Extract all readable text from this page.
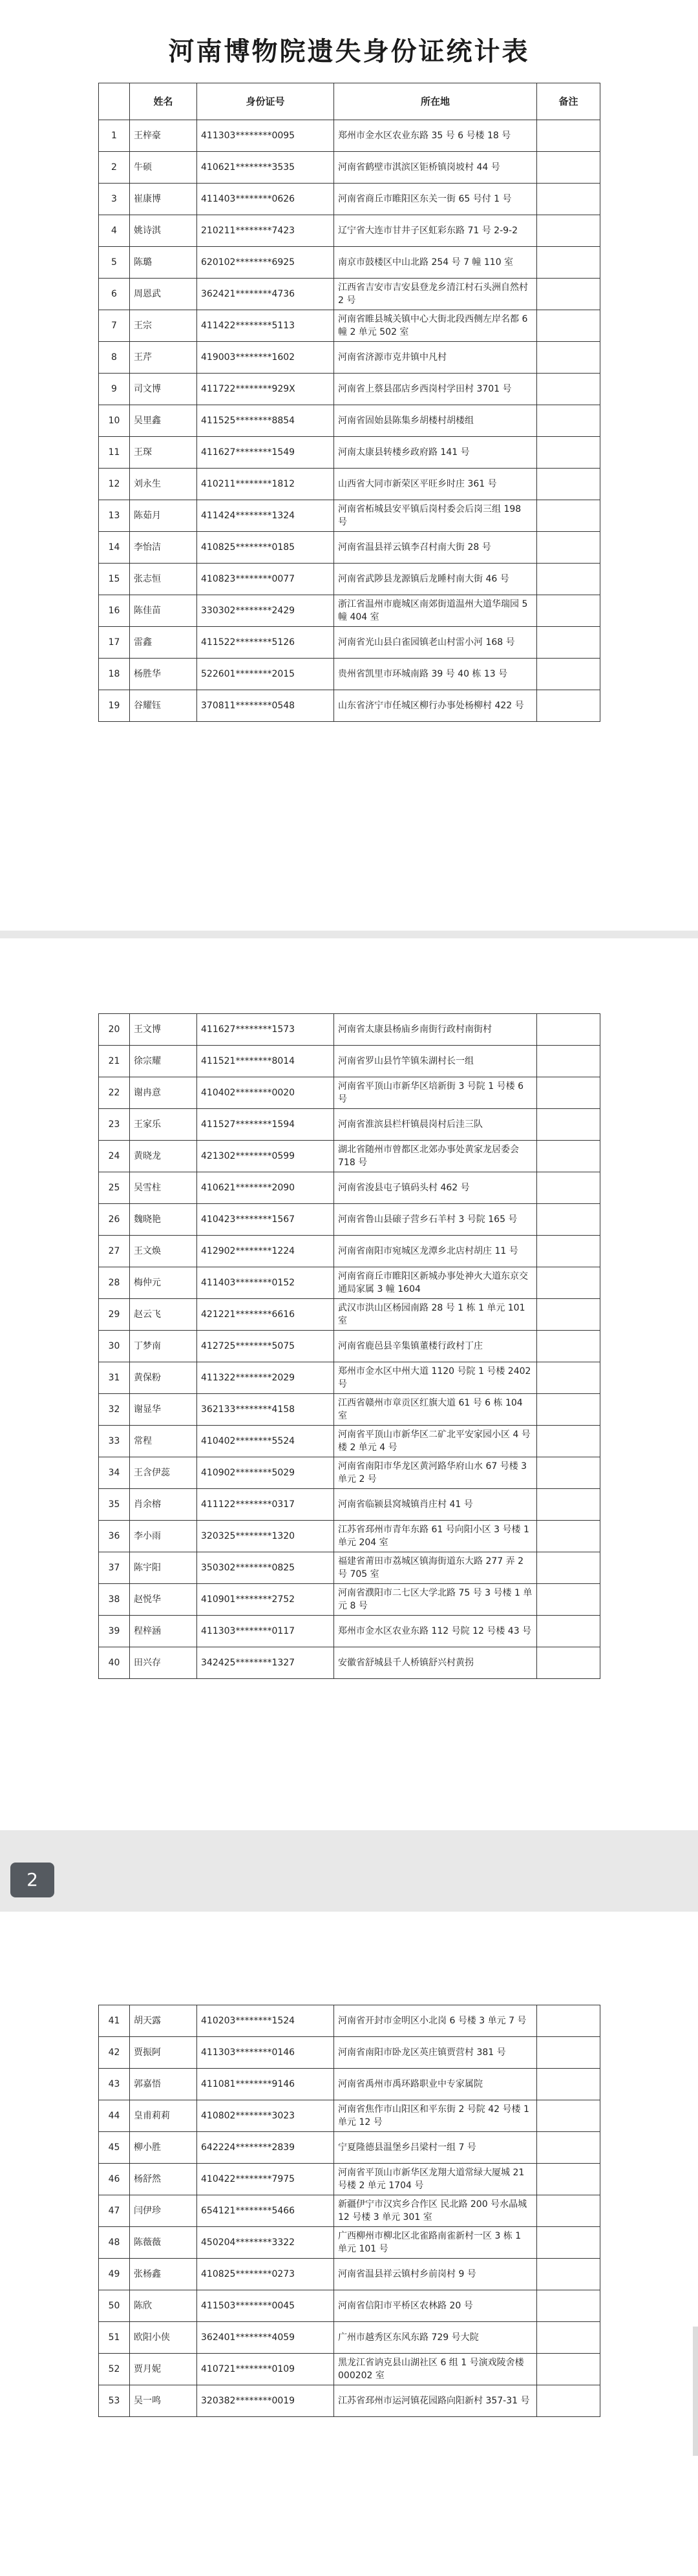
河南博物院遗失身份证统计表
	姓名	身份证号	所在地	备注
1	王梓豪	411303********0095	郑州市金水区农业东路 35 号 6 号楼 18 号	
2	牛硕	410621********3535	河南省鹤壁市淇滨区钜桥镇岗坡村 44 号	
3	崔康博	411403********0626	河南省商丘市睢阳区东关一街 65 号付 1 号	
4	姚诗淇	210211********7423	辽宁省大连市甘井子区虹彩东路 71 号 2-9-2	
5	陈璐	620102********6925	南京市鼓楼区中山北路 254 号 7 幢 110 室	
6	周恩武	362421********4736	江西省吉安市吉安县登龙乡清江村石头洲自然村 2 号	
7	王宗	411422********5113	河南省睢县城关镇中心大街北段西侧左岸名都 6 幢 2 单元 502 室	
8	王芹	419003********1602	河南省济源市克井镇中凡村	
9	司文博	411722********929X	河南省上蔡县邵店乡西岗村学田村 3701 号	
10	吴里鑫	411525********8854	河南省固始县陈集乡胡楼村胡楼组	
11	王琛	411627********1549	河南太康县转楼乡政府路 141 号	
12	刘永生	410211********1812	山西省大同市新荣区平旺乡时庄 361 号	
13	陈茹月	411424********1324	河南省柘城县安平镇后岗村委会后岗三组 198 号	
14	李怡洁	410825********0185	河南省温县祥云镇李召村南大街 28 号	
15	张志恒	410823********0077	河南省武陟县龙源镇后龙睡村南大街 46 号	
16	陈佳苗	330302********2429	浙江省温州市鹿城区南郊街道温州大道华瑞园 5 幢 404 室	
17	雷鑫	411522********5126	河南省光山县白雀园镇老山村雷小河 168 号	
18	杨胜华	522601********2015	贵州省凯里市环城南路 39 号 40 栋 13 号	
19	谷耀钰	370811********0548	山东省济宁市任城区柳行办事处杨柳村 422 号	
20	王文博	411627********1573	河南省太康县杨庙乡南街行政村南街村	
21	徐宗耀	411521********8014	河南省罗山县竹竿镇朱湖村长一组	
22	谢冉意	410402********0020	河南省平顶山市新华区培新街 3 号院 1 号楼 6 号	
23	王家乐	411527********1594	河南省淮滨县栏杆镇晨岗村后洼三队	
24	黄晓龙	421302********0599	湖北省随州市曾都区北郊办事处黄家龙居委会 718 号	
25	吴雪柱	410621********2090	河南省浚县屯子镇码头村 462 号	
26	魏晓艳	410423********1567	河南省鲁山县磙子营乡石羊村 3 号院 165 号	
27	王文焕	412902********1224	河南省南阳市宛城区龙潭乡北店村胡庄 11 号	
28	梅仲元	411403********0152	河南省商丘市睢阳区新城办事处神火大道东京交通局家属 3 幢 1604	
29	赵云飞	421221********6616	武汉市洪山区杨园南路 28 号 1 栋 1 单元 101 室	
30	丁梦南	412725********5075	河南省鹿邑县辛集镇董楼行政村丁庄	
31	黄保粉	411322********2029	郑州市金水区中州大道 1120 号院 1 号楼 2402 号	
32	谢显华	362133********4158	江西省赣州市章贡区红旗大道 61 号 6 栋 104 室	
33	常程	410402********5524	河南省平顶山市新华区二矿北平安家园小区 4 号楼 2 单元 4 号	
34	王含伊蕊	410902********5029	河南省南阳市华龙区黄河路华府山水 67 号楼 3 单元 2 号	
35	肖余榕	411122********0317	河南省临颍县窝城镇肖庄村 41 号	
36	李小雨	320325********1320	江苏省邳州市青年东路 61 号向阳小区 3 号楼 1 单元 204 室	
37	陈宇阳	350302********0825	福建省莆田市荔城区镇海街道东大路 277 弄 2 号 705 室	
38	赵悦华	410901********2752	河南省濮阳市二七区大学北路 75 号 3 号楼 1 单元 8 号	
39	程梓涵	411303********0117	郑州市金水区农业东路 112 号院 12 号楼 43 号	
40	田兴存	342425********1327	安徽省舒城县千人桥镇舒兴村黄拐	
2
41	胡天露	410203********1524	河南省开封市金明区小北岗 6 号楼 3 单元 7 号	
42	贾振阿	411303********0146	河南省南阳市卧龙区英庄镇贾营村 381 号	
43	郭嘉悟	411081********9146	河南省禹州市禹环路职业中专家属院	
44	皇甫莉莉	410802********3023	河南省焦作市山阳区和平东街 2 号院 42 号楼 1 单元 12 号	
45	柳小胜	642224********2839	宁夏隆德县温堡乡吕梁村一组 7 号	
46	杨舒然	410422********7975	河南省平顶山市新华区龙翔大道常绿大厦城 21 号楼 2 单元 1704 号	
47	闫伊珍	654121********5466	新疆伊宁市汉宾乡合作区 民北路 200 号水晶城 12 号楼 3 单元 301 室	
48	陈薇薇	450204********3322	广西柳州市柳北区北雀路南雀新村一区 3 栋 1 单元 101 号	
49	张杨鑫	410825********0273	河南省温县祥云镇村乡前岗村 9 号	
50	陈欣	411503********0045	河南省信阳市平桥区农林路 20 号	
51	欧阳小侠	362401********4059	广州市越秀区东风东路 729 号大院	
52	贾月妮	410721********0109	黑龙江省讷克县山湖社区 6 组 1 号演戏陵舍楼 000202 室	
53	吴一鸣	320382********0019	江苏省邳州市运河镇花园路向阳新村 357-31 号	
